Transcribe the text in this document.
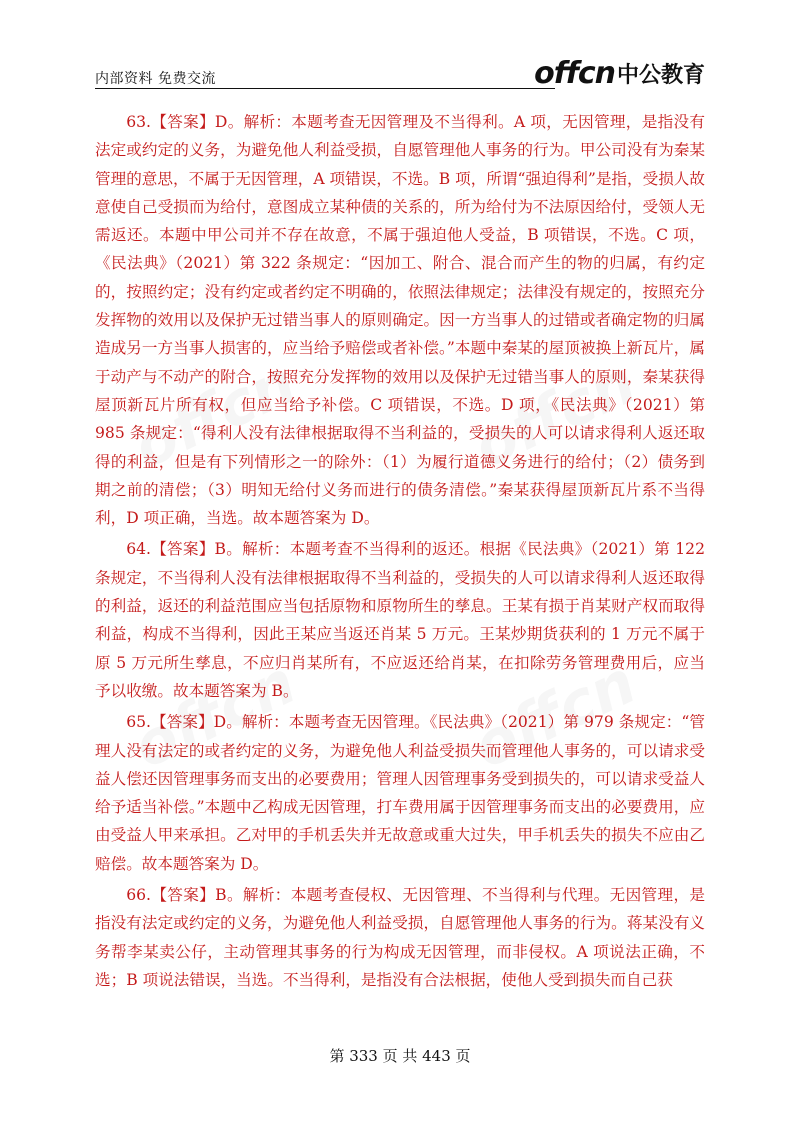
内部资料 免费交流	offcn 中公教育

63.【答案】D。解析：本题考查无因管理及不当得利。A 项，无因管理，是指没有法定或约定的义务，为避免他人利益受损，自愿管理他人事务的行为。甲公司没有为秦某管理的意思，不属于无因管理，A 项错误，不选。B 项，所谓“强迫得利”是指，受损人故意使自己受损而为给付，意图成立某种债的关系的，所为给付为不法原因给付，受领人无需返还。本题中甲公司并不存在故意，不属于强迫他人受益，B 项错误，不选。C 项，《民法典》（2021）第 322 条规定：“因加工、附合、混合而产生的物的归属，有约定的，按照约定；没有约定或者约定不明确的，依照法律规定；法律没有规定的，按照充分发挥物的效用以及保护无过错当事人的原则确定。因一方当事人的过错或者确定物的归属造成另一方当事人损害的，应当给予赔偿或者补偿。”本题中秦某的屋顶被换上新瓦片，属于动产与不动产的附合，按照充分发挥物的效用以及保护无过错当事人的原则，秦某获得屋顶新瓦片所有权，但应当给予补偿。C 项错误，不选。D 项，《民法典》（2021）第 985 条规定：“得利人没有法律根据取得不当利益的，受损失的人可以请求得利人返还取得的利益，但是有下列情形之一的除外：（1）为履行道德义务进行的给付；（2）债务到期之前的清偿；（3）明知无给付义务而进行的债务清偿。”秦某获得屋顶新瓦片系不当得利，D 项正确，当选。故本题答案为 D。

64.【答案】B。解析：本题考查不当得利的返还。根据《民法典》（2021）第 122 条规定，不当得利人没有法律根据取得不当利益的，受损失的人可以请求得利人返还取得的利益，返还的利益范围应当包括原物和原物所生的孳息。王某有损于肖某财产权而取得利益，构成不当得利，因此王某应当返还肖某 5 万元。王某炒期货获利的 1 万元不属于原 5 万元所生孳息，不应归肖某所有，不应返还给肖某，在扣除劳务管理费用后，应当予以收缴。故本题答案为 B。

65.【答案】D。解析：本题考查无因管理。《民法典》（2021）第 979 条规定：“管理人没有法定的或者约定的义务，为避免他人利益受损失而管理他人事务的，可以请求受益人偿还因管理事务而支出的必要费用；管理人因管理事务受到损失的，可以请求受益人给予适当补偿。”本题中乙构成无因管理，打车费用属于因管理事务而支出的必要费用，应由受益人甲来承担。乙对甲的手机丢失并无故意或重大过失，甲手机丢失的损失不应由乙赔偿。故本题答案为 D。

66.【答案】B。解析：本题考查侵权、无因管理、不当得利与代理。无因管理，是指没有法定或约定的义务，为避免他人利益受损，自愿管理他人事务的行为。蒋某没有义务帮李某卖公仔，主动管理其事务的行为构成无因管理，而非侵权。A 项说法正确，不选；B 项说法错误，当选。不当得利，是指没有合法根据，使他人受到损失而自己获

第 333 页 共 443 页
